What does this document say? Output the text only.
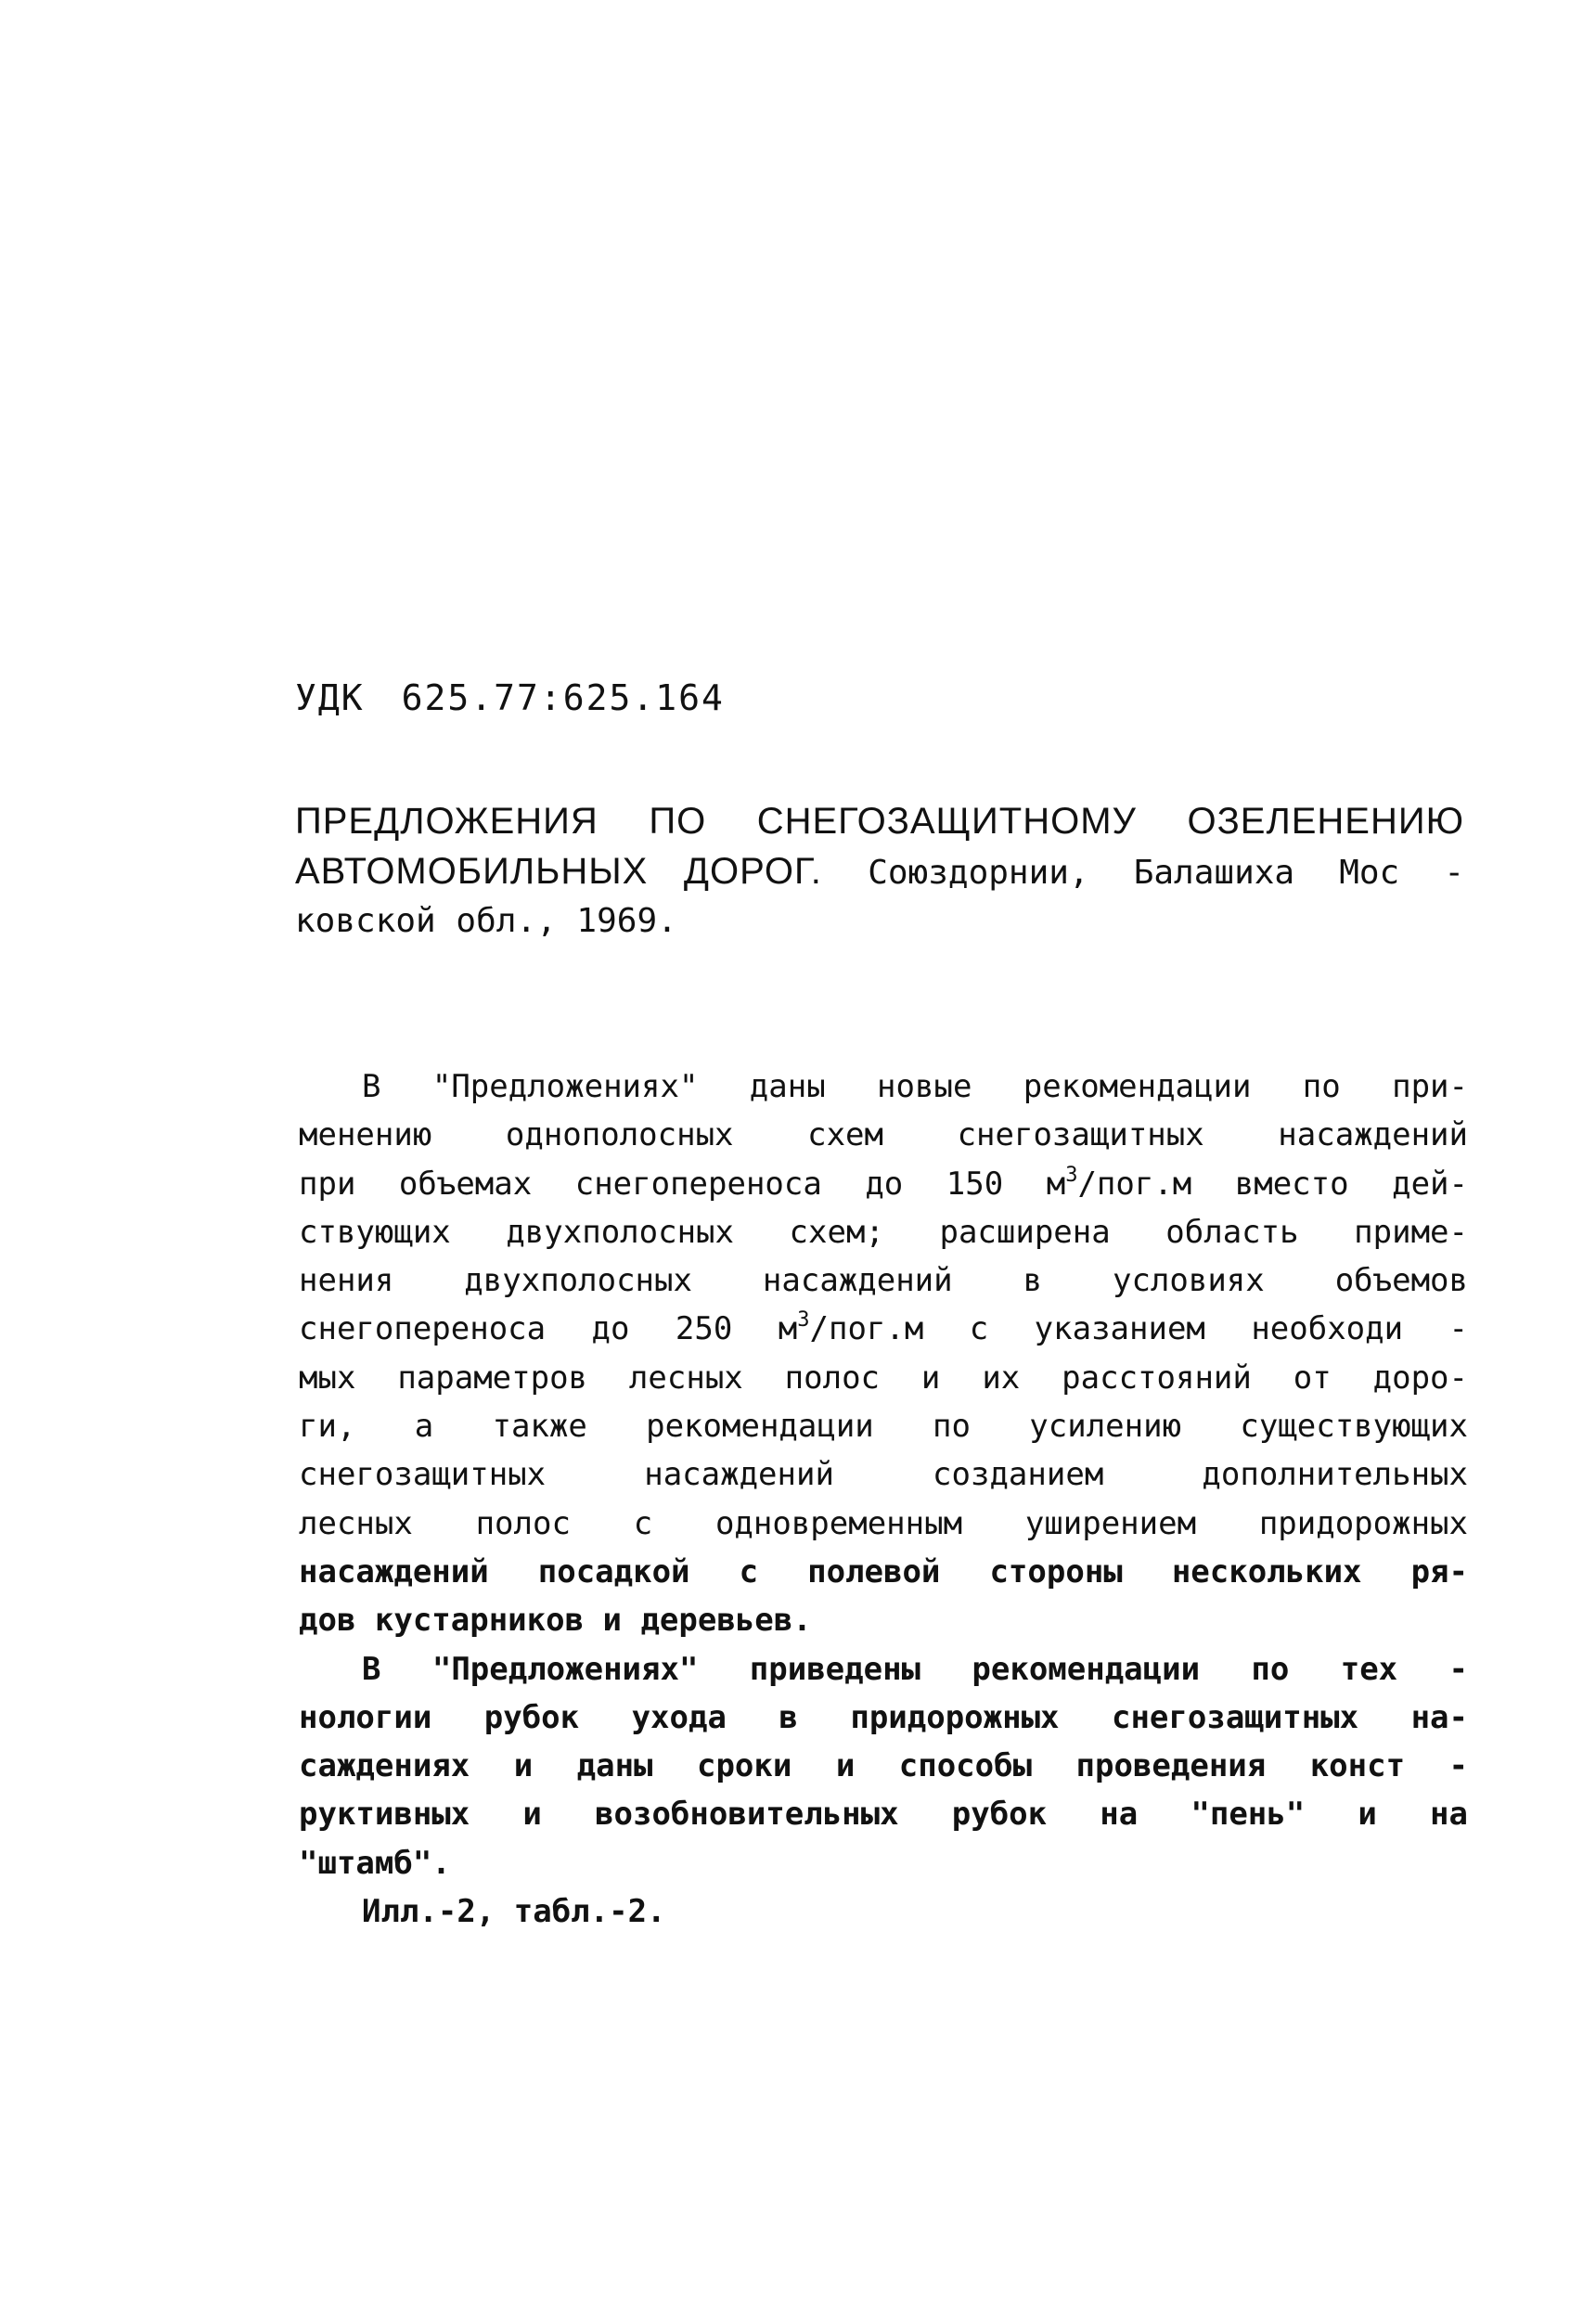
УДК 625.77:625.164
ПРЕДЛОЖЕНИЯ ПО СНЕГОЗАЩИТНОМУ ОЗЕЛЕНЕНИЮ
АВТОМОБИЛЬНЫХ ДОРОГ. Союздорнии, Балашиха Мос -
ковской обл., 1969.
В "Предложениях" даны новые рекомендации по при-
менению однополосных схем снегозащитных насаждений
при объемах снегопереноса до 150 $м^3/пог.м$ вместо дей-
ствующих двухполосных схем; расширена область приме-
нения двухполосных насаждений в условиях объемов
снегопереноса до 250 $м^3/пог.м$ с указанием необходи -
мых параметров лесных полос и их расстояний от доро-
ги, а также рекомендации по усилению существующих
снегозащитных насаждений созданием дополнительных
лесных полос с одновременным уширением придорожных
насаждений посадкой с полевой стороны нескольких ря-
дов кустарников и деревьев.
В "Предложениях" приведены рекомендации по тех -
нологии рубок ухода в придорожных снегозащитных на-
саждениях и даны сроки и способы проведения конст -
руктивных и возобновительных рубок на "пень" и на
"штамб".
Илл.-2, табл.-2.
